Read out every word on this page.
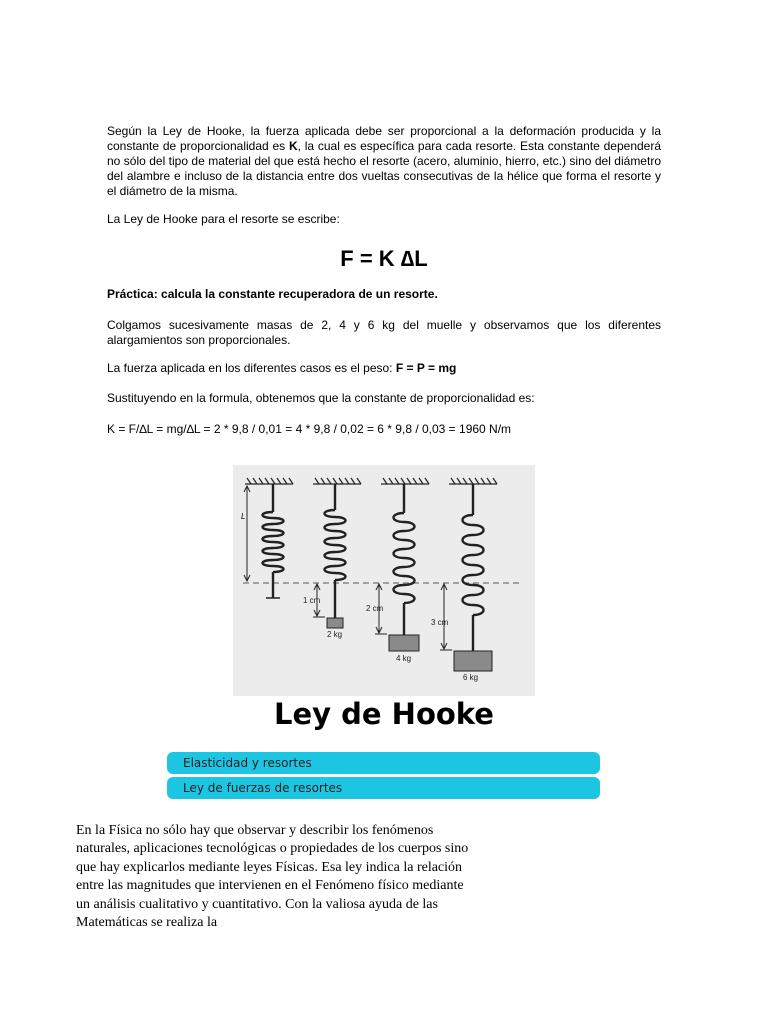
Según la Ley de Hooke, la fuerza aplicada debe ser proporcional a la deformación producida y la constante de proporcionalidad es K, la cual es específica para cada resorte. Esta constante dependerá no sólo del tipo de material del que está hecho el resorte (acero, aluminio, hierro, etc.) sino del diámetro del alambre e incluso de la distancia entre dos vueltas consecutivas de la hélice que forma el resorte y el diámetro de la misma.

La Ley de Hooke para el resorte se escribe:

F = K ∆L

Práctica: calcula la constante recuperadora de un resorte.

Colgamos sucesivamente masas de 2, 4 y 6 kg del muelle y observamos que los diferentes alargamientos son proporcionales.

La fuerza aplicada en los diferentes casos es el peso: F = P = mg

Sustituyendo en la formula, obtenemos que la constante de proporcionalidad es:

K = F/∆L = mg/∆L = 2 * 9,8 / 0,01 = 4 * 9,8 / 0,02 = 6 * 9,8 / 0,03 = 1960 N/m

L
1 cm
2 cm
3 cm
2 kg
4 kg
6 kg
Ley de Hooke
Elasticidad y resortes
Ley de fuerzas de resortes

En la Física no sólo hay que observar y describir los fenómenos naturales, aplicaciones tecnológicas o propiedades de los cuerpos sino que hay explicarlos mediante leyes Físicas. Esa ley indica la relación entre las magnitudes que intervienen en el Fenómeno físico mediante un análisis cualitativo y cuantitativo. Con la valiosa ayuda de las Matemáticas se realiza la
